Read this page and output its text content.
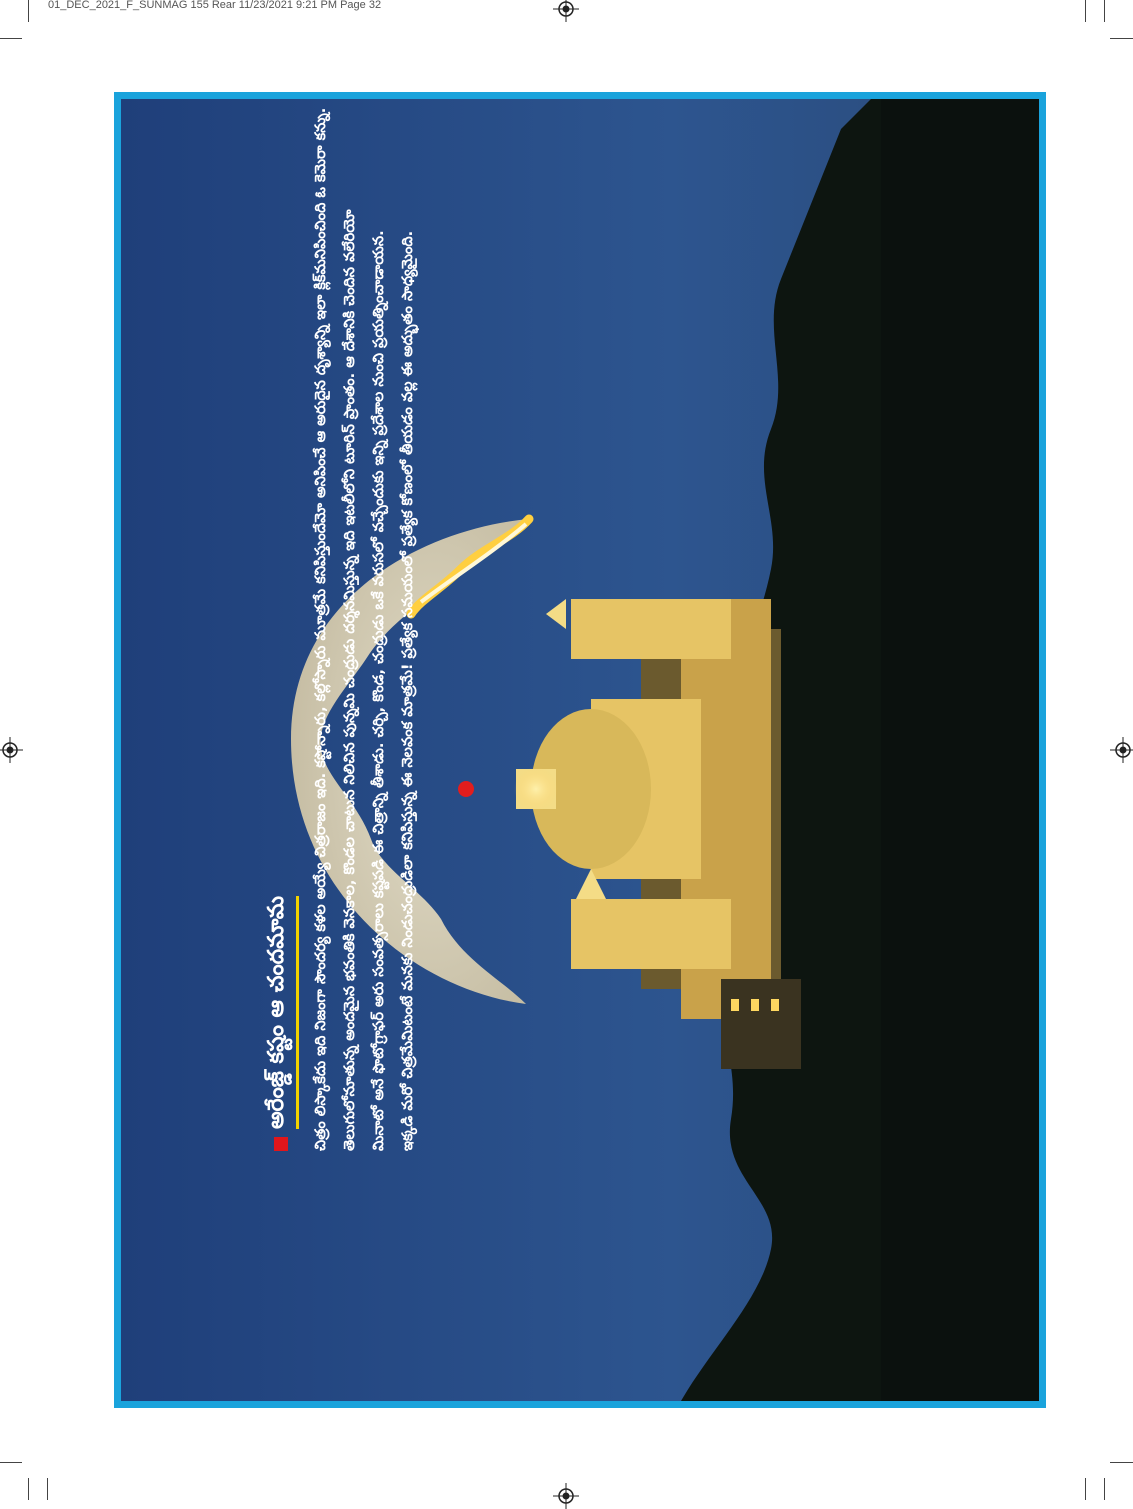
01_DEC_2021_F_SUNMAG 155 Rear 11/23/2021 9:21 PM Page 32
అరేంజ్డ్ కష్టం ఆ చందమామ	చిత్రం లిస్కాకేదు ఇది నిజంగా సౌందర్య కళల అయ్యే చిత్రరాజం ఇది. కష్టోన్నారు, కల్లోస్నారు మూత్రమే కనిపిస్తుందేమో అనిపించే ఆ అరుదైన దృశ్యాన్ని ఇలా క్లిక్‌మనిపించింది ఓ కెమెరా కన్ను. తెలుగులోనూతున్న అందమైన భవంతికి వెనకాల, కొండల చాటున నిలిచిన పున్నమి చంద్రుడు దర్శనమిస్తున్న ఇది ఇటలీలోని టూరిన్ ప్రాంతం. ఆ దేశానికి చెందిన వలేరియో మినాటో అనే ఫొటోగ్రాఫర్ అరు సంవత్సరాలు కష్టపడి ఈ చిత్రాన్ని తీశాడు. చర్చి, కొండ, చంద్రుడు ఒకే వరుసలో వచ్చేందుకు ఇన్ని ప్రదేశాల నుంచి ప్రయత్నించాడాయన. ఇక్కడి మరో చిత్రమేమిటంటే మనకు నిండుచంద్రుడిలా కనిపిస్తున్న ఈ నెలవంక మాత్రమే! ప్రత్యేక సమయంలో ప్రత్యేక కోణంలో తీయడం వల్ల ఈ అద్భుతం సాధ్యమైంది.
